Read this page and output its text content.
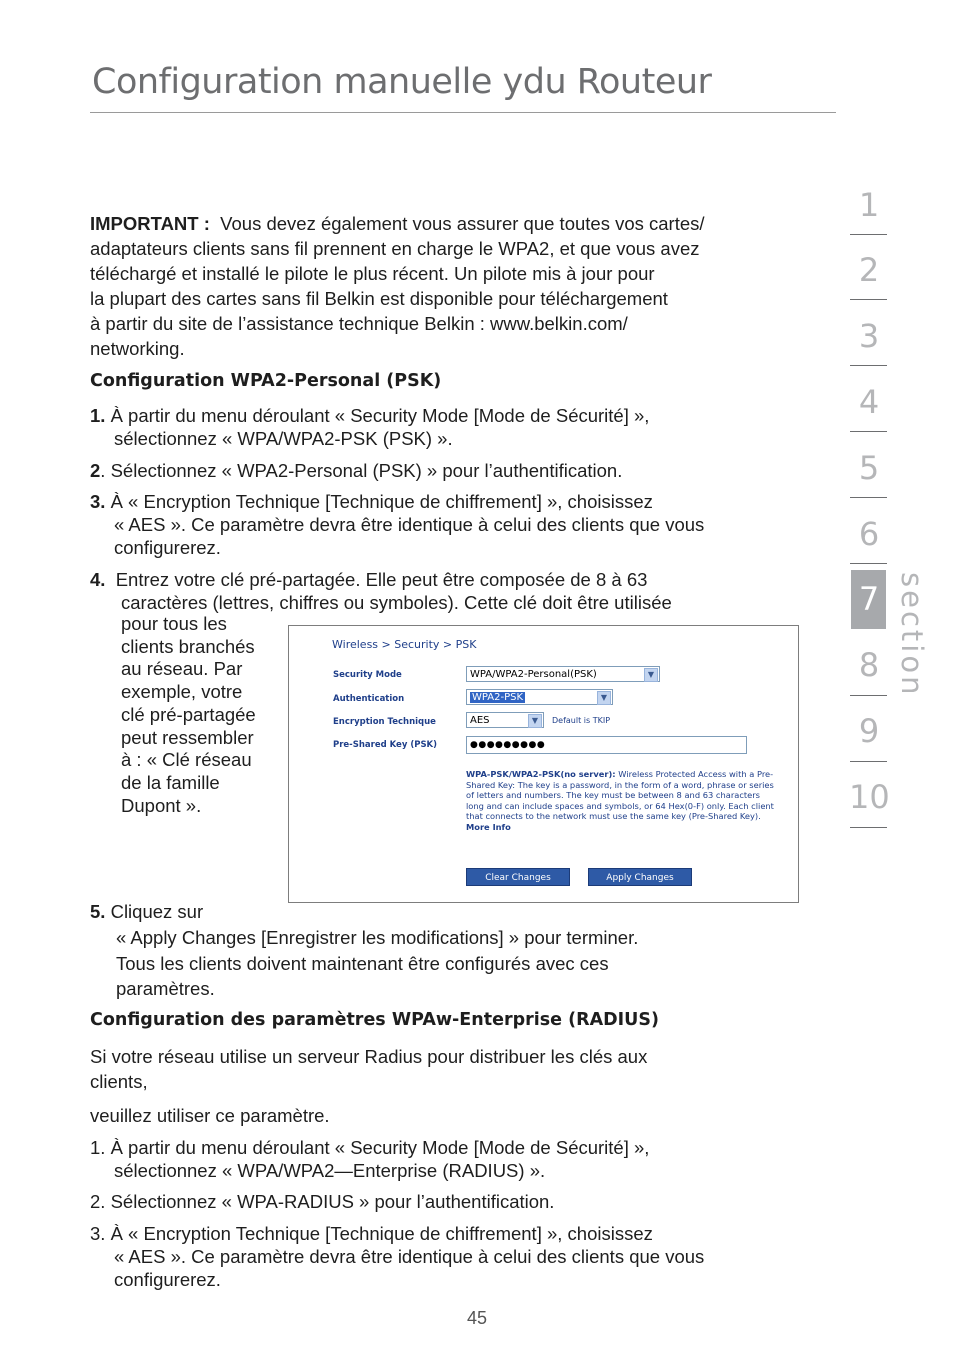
Configuration manuelle ydu Routeur
1
2
3
4
5
6
7
8
9
10
section
IMPORTANT : Vous devez également vous assurer que toutes vos cartes/
adaptateurs clients sans fil prennent en charge le WPA2, et que vous avez
téléchargé et installé le pilote le plus récent. Un pilote mis à jour pour
la plupart des cartes sans fil Belkin est disponible pour téléchargement
à partir du site de l’assistance technique Belkin : www.belkin.com/
networking.
Configuration WPA2-Personal (PSK)
1. À partir du menu déroulant « Security Mode [Mode de Sécurité] »,
sélectionnez « WPA/WPA2-PSK (PSK) ».
2. Sélectionnez « WPA2-Personal (PSK) » pour l’authentification.
3. À « Encryption Technique [Technique de chiffrement] », choisissez
« AES ». Ce paramètre devra être identique à celui des clients que vous
configurerez.
4. Entrez votre clé pré-partagée. Elle peut être composée de 8 à 63
caractères (lettres, chiffres ou symboles). Cette clé doit être utilisée
pour tous les
clients branchés
au réseau. Par
exemple, votre
clé pré-partagée
peut ressembler
à : « Clé réseau
de la famille
Dupont ».
Wireless > Security > PSK
Security Mode	WPA/WPA2-Personal(PSK)	▼
Authentication	WPA2-PSK	▼
Encryption Technique	AES	▼	Default is TKIP
Pre-Shared Key (PSK)	●●●●●●●●●
WPA-PSK/WPA2-PSK(no server): Wireless Protected Access with a Pre-Shared Key: The key is a password, in the form of a word, phrase or series of letters and numbers. The key must be between 8 and 63 characters long and can include spaces and symbols, or 64 Hex(0-F) only. Each client that connects to the network must use the same key (Pre-Shared Key). More Info
Clear Changes	Apply Changes
5. Cliquez sur
« Apply Changes [Enregistrer les modifications] » pour terminer.
Tous les clients doivent maintenant être configurés avec ces
paramètres.
Configuration des paramètres WPAw-Enterprise (RADIUS)
Si votre réseau utilise un serveur Radius pour distribuer les clés aux
clients,
veuillez utiliser ce paramètre.
1. À partir du menu déroulant « Security Mode [Mode de Sécurité] »,
sélectionnez « WPA/WPA2—Enterprise (RADIUS) ».
2. Sélectionnez « WPA-RADIUS » pour l’authentification.
3. À « Encryption Technique [Technique de chiffrement] », choisissez
« AES ». Ce paramètre devra être identique à celui des clients que vous
configurerez.
45
